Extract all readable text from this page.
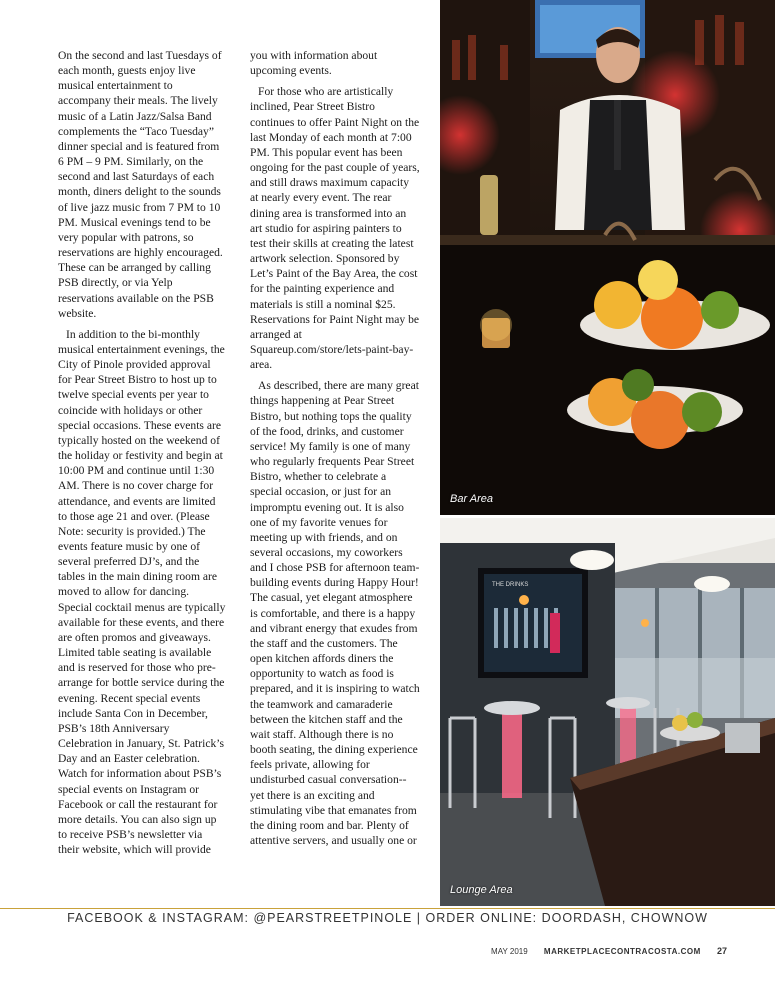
On the second and last Tuesdays of each month, guests enjoy live musical entertainment to accompany their meals. The lively music of a Latin Jazz/Salsa Band complements the “Taco Tuesday” dinner special and is featured from 6 PM – 9 PM. Similarly, on the second and last Saturdays of each month, diners delight to the sounds of live jazz music from 7 PM to 10 PM. Musical evenings tend to be very popular with patrons, so reservations are highly encouraged. These can be arranged by calling PSB directly, or via Yelp reservations available on the PSB website.

In addition to the bi-monthly musical entertainment evenings, the City of Pinole provided approval for Pear Street Bistro to host up to twelve special events per year to coincide with holidays or other special occasions. These events are typically hosted on the weekend of the holiday or festivity and begin at 10:00 PM and continue until 1:30 AM. There is no cover charge for attendance, and events are limited to those age 21 and over. (Please Note: security is provided.) The events feature music by one of several preferred DJ’s, and the tables in the main dining room are moved to allow for dancing. Special cocktail menus are typically available for these events, and there are often promos and giveaways. Limited table seating is available and is reserved for those who pre-arrange for bottle service during the evening. Recent special events include Santa Con in December, PSB’s 18th Anniversary Celebration in January, St. Patrick’s Day and an Easter celebration. Watch for information about PSB’s special events on Instagram or Facebook or call the restaurant for more details. You can also sign up to receive PSB’s newsletter via their website, which will provide

you with information about upcoming events.

For those who are artistically inclined, Pear Street Bistro continues to offer Paint Night on the last Monday of each month at 7:00 PM. This popular event has been ongoing for the past couple of years, and still draws maximum capacity at nearly every event. The rear dining area is transformed into an art studio for aspiring painters to test their skills at creating the latest artwork selection. Sponsored by Let’s Paint of the Bay Area, the cost for the painting experience and materials is still a nominal $25. Reservations for Paint Night may be arranged at Squareup.com/store/lets-paint-bay-area.

As described, there are many great things happening at Pear Street Bistro, but nothing tops the quality of the food, drinks, and customer service! My family is one of many who regularly frequents Pear Street Bistro, whether to celebrate a special occasion, or just for an impromptu evening out. It is also one of my favorite venues for meeting up with friends, and on several occasions, my coworkers and I chose PSB for afternoon team-building events during Happy Hour! The casual, yet elegant atmosphere is comfortable, and there is a happy and vibrant energy that exudes from the staff and the customers. The open kitchen affords diners the opportunity to watch as food is prepared, and it is inspiring to watch the teamwork and camaraderie between the kitchen staff and the wait staff. Although there is no booth seating, the dining experience feels private, allowing for undisturbed casual conversation--yet there is an exciting and stimulating vibe that emanates from the dining room and bar. Plenty of attentive servers, and usually one or

Bar Area
THE DRINKS
Lounge Area
FACEBOOK & INSTAGRAM: @PEARSTREETPINOLE | ORDER ONLINE: DOORDASH, CHOWNOW
MAY 2019 MARKETPLACECONTRACOSTA.COM 27
